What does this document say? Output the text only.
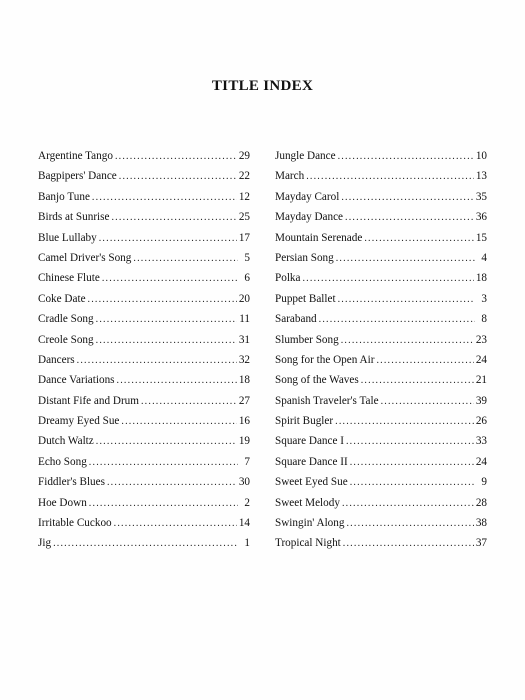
TITLE INDEX
Argentine Tango .....	29
Bagpipers' Dance .....	22
Banjo Tune .....	12
Birds at Sunrise .....	25
Blue Lullaby .....	17
Camel Driver's Song .....	5
Chinese Flute .....	6
Coke Date .....	20
Cradle Song .....	11
Creole Song .....	31
Dancers .....	32
Dance Variations .....	18
Distant Fife and Drum .....	27
Dreamy Eyed Sue .....	16
Dutch Waltz .....	19
Echo Song .....	7
Fiddler's Blues .....	30
Hoe Down .....	2
Irritable Cuckoo .....	14
Jig .....	1
Jungle Dance .....	10
March .....	13
Mayday Carol .....	35
Mayday Dance .....	36
Mountain Serenade .....	15
Persian Song .....	4
Polka .....	18
Puppet Ballet .....	3
Saraband .....	8
Slumber Song .....	23
Song for the Open Air .....	24
Song of the Waves .....	21
Spanish Traveler's Tale .....	39
Spirit Bugler .....	26
Square Dance I .....	33
Square Dance II .....	24
Sweet Eyed Sue .....	9
Sweet Melody .....	28
Swingin' Along .....	38
Tropical Night .....	37
